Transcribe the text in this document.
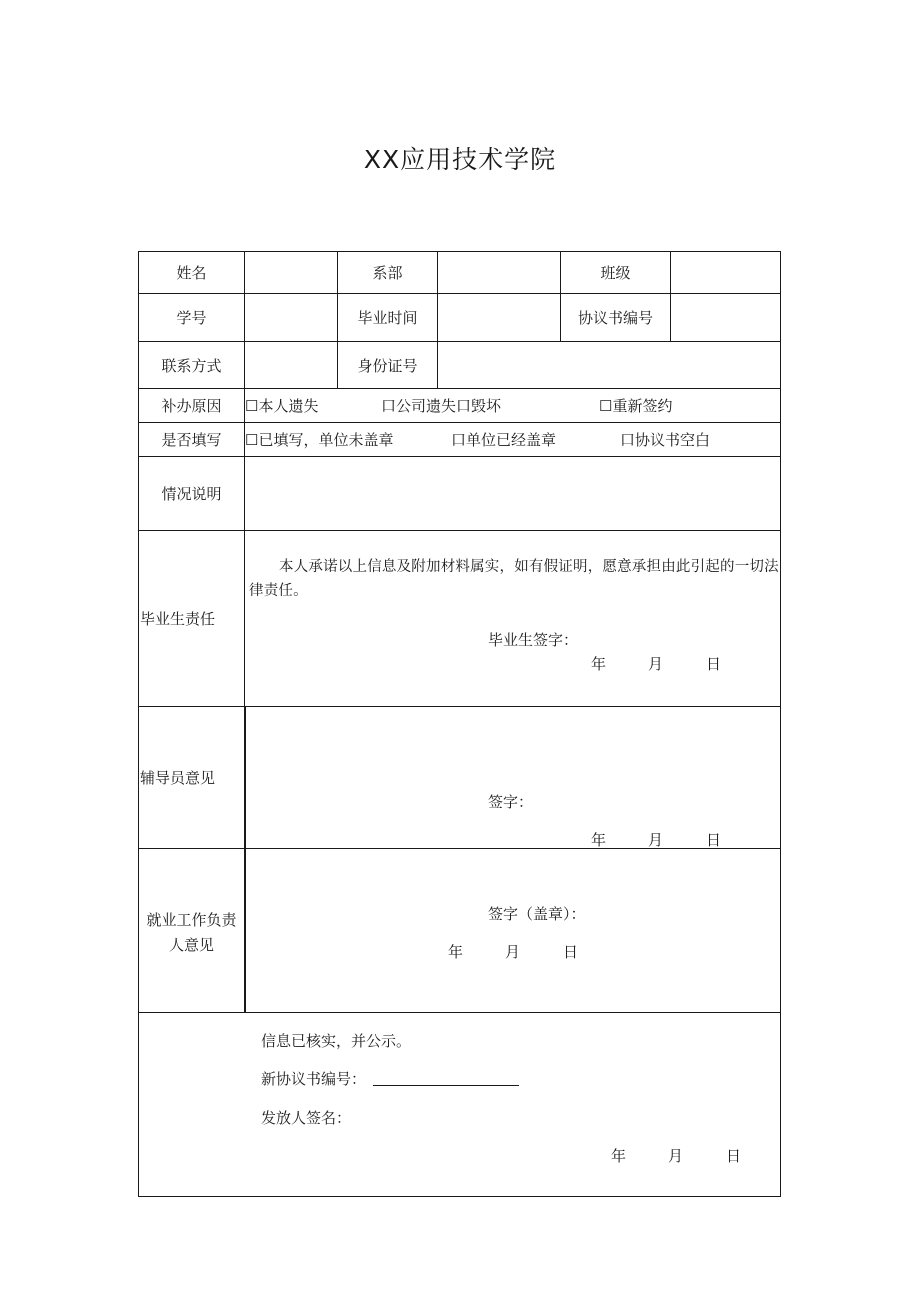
XX应用技术学院
姓名	系部	班级
学号	毕业时间	协议书编号
联系方式	身份证号
补办原因	☐本人遗失	口公司遗失口毁坏	☐重新签约
是否填写	☐已填写，单位未盖章	口单位已经盖章	口协议书空白
情况说明
毕业生责任
本人承诺以上信息及附加材料属实，如有假证明，愿意承担由此引起的一切法律责任。
毕业生签字：
年	月	日
辅导员意见
签字：
年	月	日
就业工作负责
人意见
签字（盖章）：
年	月	日
信息已核实，并公示。
新协议书编号：
发放人签名：
年	月	日
